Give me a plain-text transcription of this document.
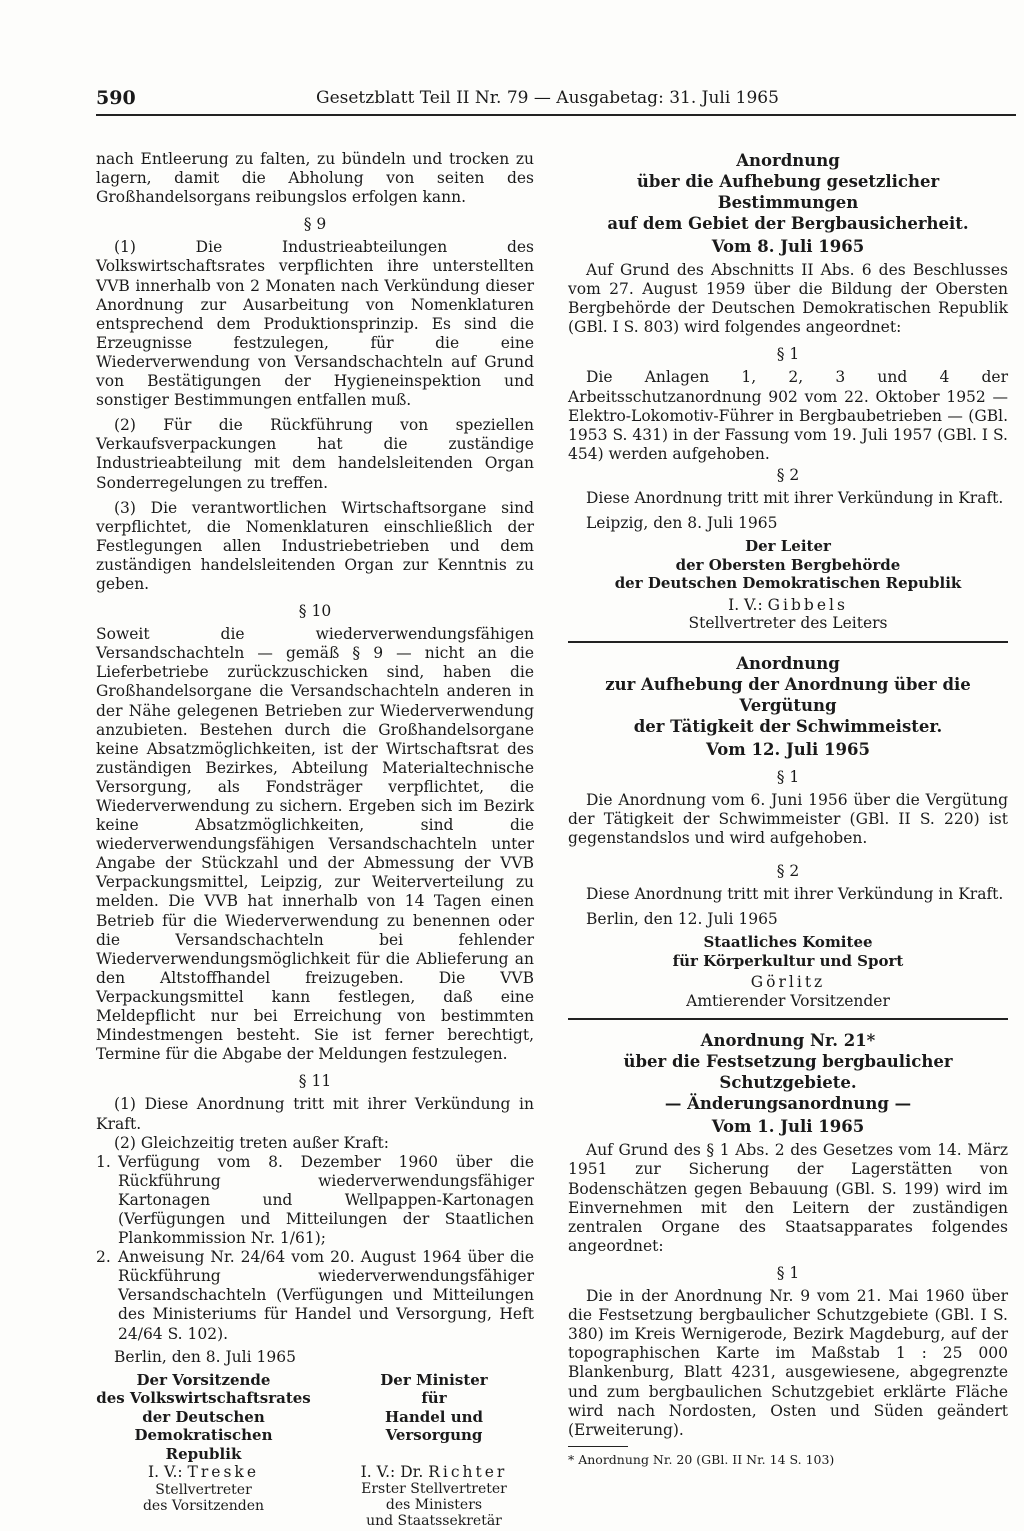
590	Gesetzblatt Teil II Nr. 79 — Ausgabetag: 31. Juli 1965

nach Entleerung zu falten, zu bündeln und trocken zu lagern, damit die Abholung von seiten des Großhandelsorgans reibungslos erfolgen kann.

§ 9

(1) Die Industrieabteilungen des Volkswirtschaftsrates verpflichten ihre unterstellten VVB innerhalb von 2 Monaten nach Verkündung dieser Anordnung zur Ausarbeitung von Nomenklaturen entsprechend dem Produktionsprinzip. Es sind die Erzeugnisse festzulegen, für die eine Wiederverwendung von Versandschachteln auf Grund von Bestätigungen der Hygieneinspektion und sonstiger Bestimmungen entfallen muß.

(2) Für die Rückführung von speziellen Verkaufsverpackungen hat die zuständige Industrieabteilung mit dem handelsleitenden Organ Sonderregelungen zu treffen.

(3) Die verantwortlichen Wirtschaftsorgane sind verpflichtet, die Nomenklaturen einschließlich der Festlegungen allen Industriebetrieben und dem zuständigen handelsleitenden Organ zur Kenntnis zu geben.

§ 10

Soweit die wiederverwendungsfähigen Versandschachteln — gemäß § 9 — nicht an die Lieferbetriebe zurückzuschicken sind, haben die Großhandelsorgane die Versandschachteln anderen in der Nähe gelegenen Betrieben zur Wiederverwendung anzubieten. Bestehen durch die Großhandelsorgane keine Absatzmöglichkeiten, ist der Wirtschaftsrat des zuständigen Bezirkes, Abteilung Materialtechnische Versorgung, als Fondsträger verpflichtet, die Wiederverwendung zu sichern. Ergeben sich im Bezirk keine Absatzmöglichkeiten, sind die wiederverwendungsfähigen Versandschachteln unter Angabe der Stückzahl und der Abmessung der VVB Verpackungsmittel, Leipzig, zur Weiterverteilung zu melden. Die VVB hat innerhalb von 14 Tagen einen Betrieb für die Wiederverwendung zu benennen oder die Versandschachteln bei fehlender Wiederverwendungsmöglichkeit für die Ablieferung an den Altstoffhandel freizugeben. Die VVB Verpackungsmittel kann festlegen, daß eine Meldepflicht nur bei Erreichung von bestimmten Mindestmengen besteht. Sie ist ferner berechtigt, Termine für die Abgabe der Meldungen festzulegen.

§ 11

(1) Diese Anordnung tritt mit ihrer Verkündung in Kraft.

(2) Gleichzeitig treten außer Kraft:

1. Verfügung vom 8. Dezember 1960 über die Rückführung wiederverwendungsfähiger Kartonagen und Wellpappen-Kartonagen (Verfügungen und Mitteilungen der Staatlichen Plankommission Nr. 1/61);
2. Anweisung Nr. 24/64 vom 20. August 1964 über die Rückführung wiederverwendungsfähiger Versandschachteln (Verfügungen und Mitteilungen des Ministeriums für Handel und Versorgung, Heft 24/64 S. 102).

Berlin, den 8. Juli 1965

Der Vorsitzende
des Volkswirtschaftsrates
der Deutschen
Demokratischen Republik
I. V.: Treske
Stellvertreter
des Vorsitzenden
Der Minister
für
Handel und Versorgung
I. V.: Dr. Richter
Erster Stellvertreter
des Ministers
und Staatssekretär
Anordnung
über die Aufhebung gesetzlicher Bestimmungen
auf dem Gebiet der Bergbausicherheit.
Vom 8. Juli 1965

Auf Grund des Abschnitts II Abs. 6 des Beschlusses vom 27. August 1959 über die Bildung der Obersten Bergbehörde der Deutschen Demokratischen Republik (GBl. I S. 803) wird folgendes angeordnet:

§ 1

Die Anlagen 1, 2, 3 und 4 der Arbeitsschutzanordnung 902 vom 22. Oktober 1952 — Elektro-Lokomotiv-Führer in Bergbaubetrieben — (GBl. 1953 S. 431) in der Fassung vom 19. Juli 1957 (GBl. I S. 454) werden aufgehoben.

§ 2

Diese Anordnung tritt mit ihrer Verkündung in Kraft.

Leipzig, den 8. Juli 1965

Der Leiter
der Obersten Bergbehörde
der Deutschen Demokratischen Republik
I. V.: Gibbels
Stellvertreter des Leiters
Anordnung
zur Aufhebung der Anordnung über die Vergütung
der Tätigkeit der Schwimmeister.
Vom 12. Juli 1965

§ 1

Die Anordnung vom 6. Juni 1956 über die Vergütung der Tätigkeit der Schwimmeister (GBl. II S. 220) ist gegenstandslos und wird aufgehoben.

§ 2

Diese Anordnung tritt mit ihrer Verkündung in Kraft.

Berlin, den 12. Juli 1965

Staatliches Komitee
für Körperkultur und Sport
Görlitz
Amtierender Vorsitzender
Anordnung Nr. 21*
über die Festsetzung bergbaulicher Schutzgebiete.
— Änderungsanordnung —
Vom 1. Juli 1965

Auf Grund des § 1 Abs. 2 des Gesetzes vom 14. März 1951 zur Sicherung der Lagerstätten von Bodenschätzen gegen Bebauung (GBl. S. 199) wird im Einvernehmen mit den Leitern der zuständigen zentralen Organe des Staatsapparates folgendes angeordnet:

§ 1

Die in der Anordnung Nr. 9 vom 21. Mai 1960 über die Festsetzung bergbaulicher Schutzgebiete (GBl. I S. 380) im Kreis Wernigerode, Bezirk Magdeburg, auf der topographischen Karte im Maßstab 1 : 25 000 Blankenburg, Blatt 4231, ausgewiesene, abgegrenzte und zum bergbaulichen Schutzgebiet erklärte Fläche wird nach Nordosten, Osten und Süden geändert (Erweiterung).

* Anordnung Nr. 20 (GBl. II Nr. 14 S. 103)
